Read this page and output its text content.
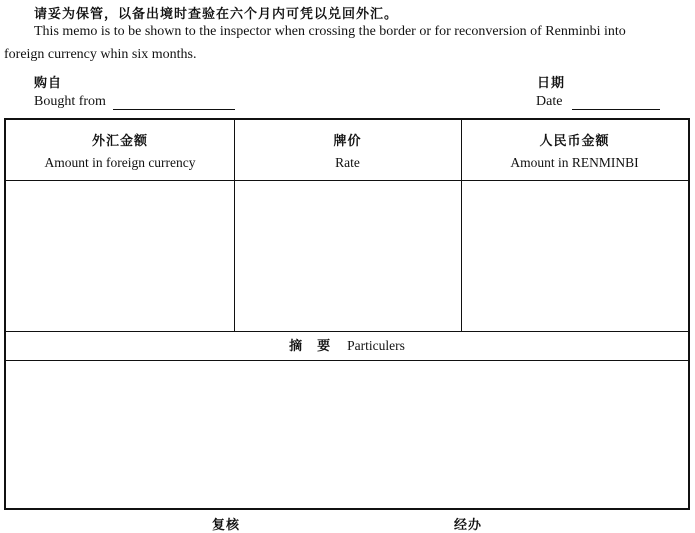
请妥为保管，以备出境时查验在六个月内可凭以兑回外汇。
This memo is to be shown to the inspector when crossing the border or for reconversion of Renminbi into
foreign currency whin six months.
购自
Bought from
日期
Date
外汇金额
Amount in foreign currency
牌价
Rate
人民币金额
Amount in RENMINBI
摘　要 Particulers
复核	经办
